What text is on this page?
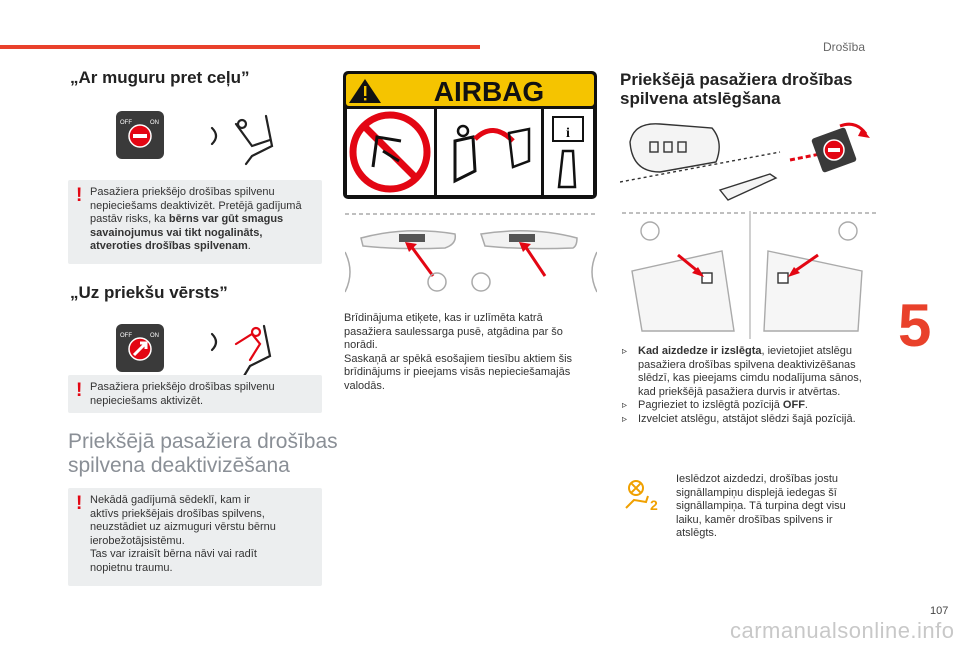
Drošība
„Ar muguru pret ceļu”
OFF	ON
! Pasažiera priekšējo drošības spilvenu nepieciešams deaktivizēt. Pretējā gadījumā pastāv risks, ka bērns var gūt smagus savainojumus vai tikt nogalināts, atveroties drošības spilvenam.
„Uz priekšu vērsts”
OFF	ON
! Pasažiera priekšējo drošības spilvenu nepieciešams aktivizēt.
Priekšējā pasažiera drošības
spilvena deaktivizēšana
! Nekādā gadījumā sēdeklī, kam ir
aktīvs priekšējais drošības spilvens,
neuzstādiet uz aizmuguri vērstu bērnu
ierobežotājsistēmu.
Tas var izraisīt bērna nāvi vai radīt
nopietnu traumu.
AIRBAG
i
Brīdinājuma etiķete, kas ir uzlīmēta katrā
pasažiera saulessarga pusē, atgādina par šo
norādi.
Saskaņā ar spēkā esošajiem tiesību aktiem šis
brīdinājums ir pieejams visās nepieciešamajās
valodās.
Priekšējā pasažiera drošības
spilvena atslēgšana
▹ Kad aizdedze ir izslēgta, ievietojiet atslēgu pasažiera drošības spilvena deaktivizēšanas slēdzī, kas pieejams cimdu nodalījuma sānos, kad priekšējā pasažiera durvis ir atvērtas.
▹ Pagrieziet to izslēgtā pozīcijā OFF.
▹ Izvelciet atslēgu, atstājot slēdzi šajā pozīcijā.
2
Ieslēdzot aizdedzi, drošības jostu
signāllampiņu displejā iedegas šī
signāllampiņa. Tā turpina degt visu
laiku, kamēr drošības spilvens ir
atslēgts.
5
107
carmanualsonline.info
